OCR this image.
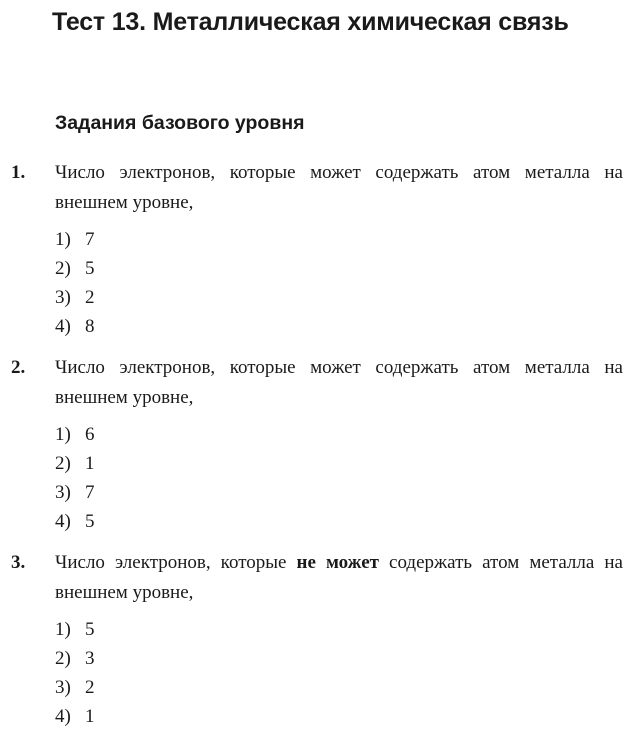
Тест 13. Металлическая химическая связь
Задания базового уровня
1. Число электронов, которые может содержать атом металла на внешнем уровне,
1) 7
2) 5
3) 2
4) 8
2. Число электронов, которые может содержать атом металла на внешнем уровне,
1) 6
2) 1
3) 7
4) 5
3. Число электронов, которые не может содержать атом металла на внешнем уровне,
1) 5
2) 3
3) 2
4) 1
